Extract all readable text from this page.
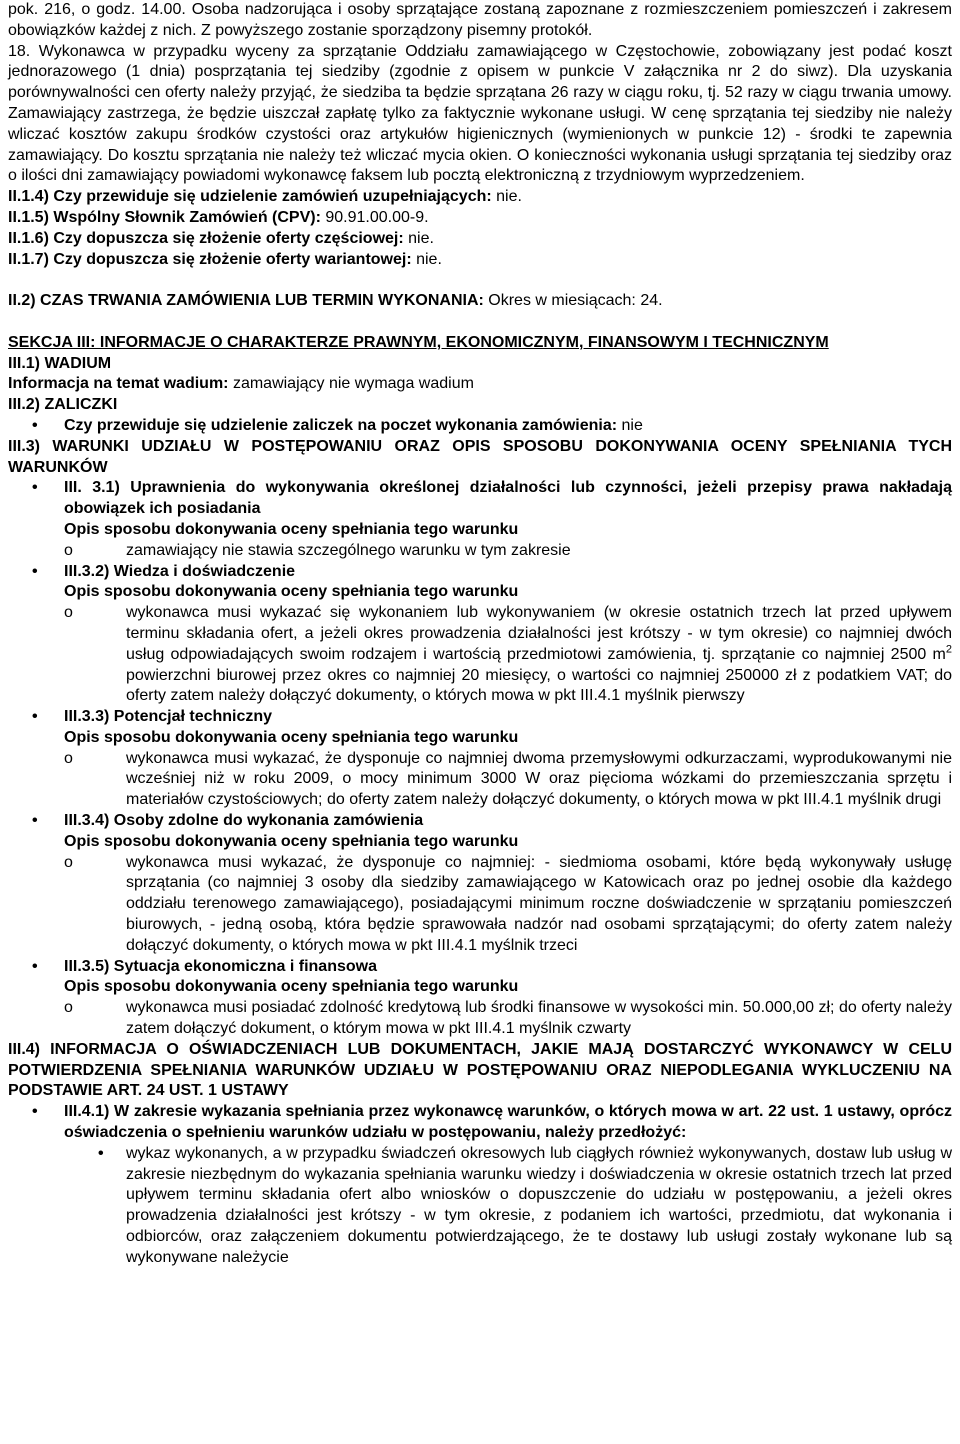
pok. 216, o godz. 14.00. Osoba nadzorująca i osoby sprzątające zostaną zapoznane z rozmieszczeniem pomieszczeń i zakresem obowiązków każdej z nich. Z powyższego zostanie sporządzony pisemny protokół.

18. Wykonawca w przypadku wyceny za sprzątanie Oddziału zamawiającego w Częstochowie, zobowiązany jest podać koszt jednorazowego (1 dnia) posprzątania tej siedziby (zgodnie z opisem w punkcie V załącznika nr 2 do siwz). Dla uzyskania porównywalności cen oferty należy przyjąć, że siedziba ta będzie sprzątana 26 razy w ciągu roku, tj. 52 razy w ciągu trwania umowy. Zamawiający zastrzega, że będzie uiszczał zapłatę tylko za faktycznie wykonane usługi. W cenę sprzątania tej siedziby nie należy wliczać kosztów zakupu środków czystości oraz artykułów higienicznych (wymienionych w punkcie 12) - środki te zapewnia zamawiający. Do kosztu sprzątania nie należy też wliczać mycia okien. O konieczności wykonania usługi sprzątania tej siedziby oraz o ilości dni zamawiający powiadomi wykonawcę faksem lub pocztą elektroniczną z trzydniowym wyprzedzeniem.

II.1.4) Czy przewiduje się udzielenie zamówień uzupełniających: nie.

II.1.5) Wspólny Słownik Zamówień (CPV): 90.91.00.00-9.

II.1.6) Czy dopuszcza się złożenie oferty częściowej: nie.

II.1.7) Czy dopuszcza się złożenie oferty wariantowej: nie.

II.2) CZAS TRWANIA ZAMÓWIENIA LUB TERMIN WYKONANIA: Okres w miesiącach: 24.

SEKCJA III: INFORMACJE O CHARAKTERZE PRAWNYM, EKONOMICZNYM, FINANSOWYM I TECHNICZNYM

III.1) WADIUM

Informacja na temat wadium: zamawiający nie wymaga wadium

III.2) ZALICZKI

• Czy przewiduje się udzielenie zaliczek na poczet wykonania zamówienia: nie

III.3) WARUNKI UDZIAŁU W POSTĘPOWANIU ORAZ OPIS SPOSOBU DOKONYWANIA OCENY SPEŁNIANIA TYCH WARUNKÓW

• III. 3.1) Uprawnienia do wykonywania określonej działalności lub czynności, jeżeli przepisy prawa nakładają obowiązek ich posiadania

Opis sposobu dokonywania oceny spełniania tego warunku

o	zamawiający nie stawia szczególnego warunku w tym zakresie

• III.3.2) Wiedza i doświadczenie

Opis sposobu dokonywania oceny spełniania tego warunku

o	wykonawca musi wykazać się wykonaniem lub wykonywaniem (w okresie ostatnich trzech lat przed upływem terminu składania ofert, a jeżeli okres prowadzenia działalności jest krótszy - w tym okresie) co najmniej dwóch usług odpowiadających swoim rodzajem i wartością przedmiotowi zamówienia, tj. sprzątanie co najmniej 2500 $m^2$ powierzchni biurowej przez okres co najmniej 20 miesięcy, o wartości co najmniej 250000 zł z podatkiem VAT; do oferty zatem należy dołączyć dokumenty, o których mowa w pkt III.4.1 myślnik pierwszy

• III.3.3) Potencjał techniczny

Opis sposobu dokonywania oceny spełniania tego warunku

o	wykonawca musi wykazać, że dysponuje co najmniej dwoma przemysłowymi odkurzaczami, wyprodukowanymi nie wcześniej niż w roku 2009, o mocy minimum 3000 W oraz pięcioma wózkami do przemieszczania sprzętu i materiałów czystościowych; do oferty zatem należy dołączyć dokumenty, o których mowa w pkt III.4.1 myślnik drugi

• III.3.4) Osoby zdolne do wykonania zamówienia

Opis sposobu dokonywania oceny spełniania tego warunku

o	wykonawca musi wykazać, że dysponuje co najmniej: - siedmioma osobami, które będą wykonywały usługę sprzątania (co najmniej 3 osoby dla siedziby zamawiającego w Katowicach oraz po jednej osobie dla każdego oddziału terenowego zamawiającego), posiadającymi minimum roczne doświadczenie w sprzątaniu pomieszczeń biurowych, - jedną osobą, która będzie sprawowała nadzór nad osobami sprzątającymi; do oferty zatem należy dołączyć dokumenty, o których mowa w pkt III.4.1 myślnik trzeci

• III.3.5) Sytuacja ekonomiczna i finansowa

Opis sposobu dokonywania oceny spełniania tego warunku

o	wykonawca musi posiadać zdolność kredytową lub środki finansowe w wysokości min. 50.000,00 zł; do oferty należy zatem dołączyć dokument, o którym mowa w pkt III.4.1 myślnik czwarty

III.4) INFORMACJA O OŚWIADCZENIACH LUB DOKUMENTACH, JAKIE MAJĄ DOSTARCZYĆ WYKONAWCY W CELU POTWIERDZENIA SPEŁNIANIA WARUNKÓW UDZIAŁU W POSTĘPOWANIU ORAZ NIEPODLEGANIA WYKLUCZENIU NA PODSTAWIE ART. 24 UST. 1 USTAWY

• III.4.1) W zakresie wykazania spełniania przez wykonawcę warunków, o których mowa w art. 22 ust. 1 ustawy, oprócz oświadczenia o spełnieniu warunków udziału w postępowaniu, należy przedłożyć:

• wykaz wykonanych, a w przypadku świadczeń okresowych lub ciągłych również wykonywanych, dostaw lub usług w zakresie niezbędnym do wykazania spełniania warunku wiedzy i doświadczenia w okresie ostatnich trzech lat przed upływem terminu składania ofert albo wniosków o dopuszczenie do udziału w postępowaniu, a jeżeli okres prowadzenia działalności jest krótszy - w tym okresie, z podaniem ich wartości, przedmiotu, dat wykonania i odbiorców, oraz załączeniem dokumentu potwierdzającego, że te dostawy lub usługi zostały wykonane lub są wykonywane należycie
